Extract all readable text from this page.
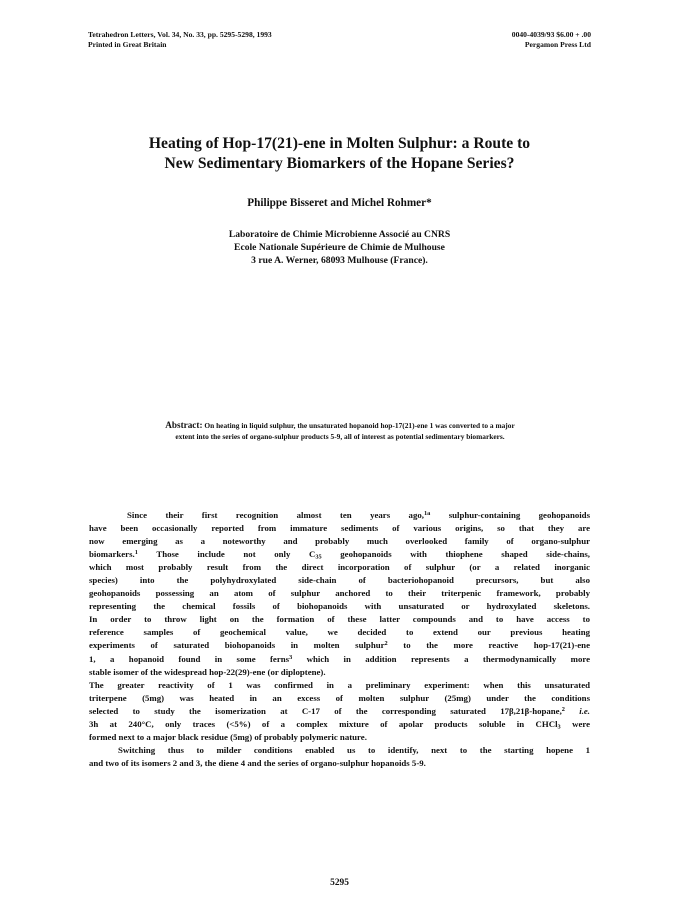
Tetrahedron Letters, Vol. 34, No. 33, pp. 5295-5298, 1993
Printed in Great Britain
0040-4039/93 $6.00 + .00
Pergamon Press Ltd
Heating of Hop-17(21)-ene in Molten Sulphur: a Route to
New Sedimentary Biomarkers of the Hopane Series?
Philippe Bisseret and Michel Rohmer*
Laboratoire de Chimie Microbienne Associé au CNRS
Ecole Nationale Supérieure de Chimie de Mulhouse
3 rue A. Werner, 68093 Mulhouse (France).
Abstract: On heating in liquid sulphur, the unsaturated hopanoid hop-17(21)-ene 1 was converted to a major
extent into the series of organo-sulphur products 5-9, all of interest as potential sedimentary biomarkers.
Since their first recognition almost ten years ago,$^{1a}$ sulphur-containing geohopanoids
have been occasionally reported from immature sediments of various origins, so that they are
now emerging as a noteworthy and probably much overlooked family of organo-sulphur
biomarkers.$^1$ Those include not only $C_{35}$ geohopanoids with thiophene shaped side-chains,
which most probably result from the direct incorporation of sulphur (or a related inorganic
species) into the polyhydroxylated side-chain of bacteriohopanoid precursors, but also
geohopanoids possessing an atom of sulphur anchored to their triterpenic framework, probably
representing the chemical fossils of biohopanoids with unsaturated or hydroxylated skeletons.
In order to throw light on the formation of these latter compounds and to have access to
reference samples of geochemical value, we decided to extend our previous heating
experiments of saturated biohopanoids in molten sulphur$^2$ to the more reactive hop-17(21)-ene
1, a hopanoid found in some ferns$^3$ which in addition represents a thermodynamically more
stable isomer of the widespread hop-22(29)-ene (or diploptene).
The greater reactivity of 1 was confirmed in a preliminary experiment: when this unsaturated
triterpene (5mg) was heated in an excess of molten sulphur (25mg) under the conditions
selected to study the isomerization at C-17 of the corresponding saturated 17β,21β-hopane,$^2$ i.e.
3h at 240°C, only traces (<5%) of a complex mixture of apolar products soluble in CHCl$_3$ were
formed next to a major black residue (5mg) of probably polymeric nature.
Switching thus to milder conditions enabled us to identify, next to the starting hopene 1
and two of its isomers 2 and 3, the diene 4 and the series of organo-sulphur hopanoids 5-9.
5295
